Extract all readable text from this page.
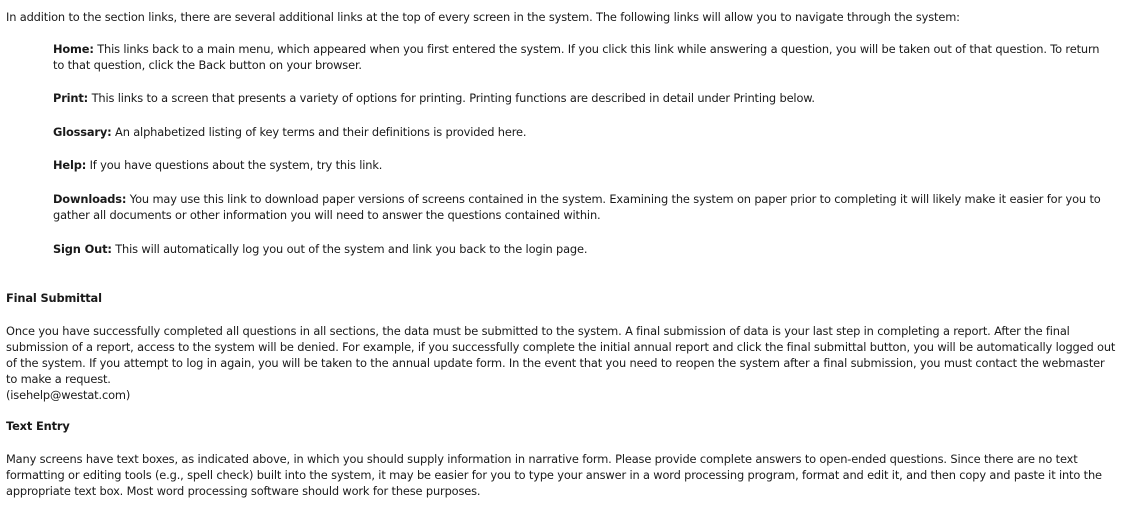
In addition to the section links, there are several additional links at the top of every screen in the system. The following links will allow you to navigate through the system:

Home: This links back to a main menu, which appeared when you first entered the system. If you click this link while answering a question, you will be taken out of that question. To return to that question, click the Back button on your browser.
Print: This links to a screen that presents a variety of options for printing. Printing functions are described in detail under Printing below.
Glossary: An alphabetized listing of key terms and their definitions is provided here.
Help: If you have questions about the system, try this link.
Downloads: You may use this link to download paper versions of screens contained in the system. Examining the system on paper prior to completing it will likely make it easier for you to gather all documents or other information you will need to answer the questions contained within.
Sign Out: This will automatically log you out of the system and link you back to the login page.
Final Submittal
Once you have successfully completed all questions in all sections, the data must be submitted to the system. A final submission of data is your last step in completing a report. After the final submission of a report, access to the system will be denied. For example, if you successfully complete the initial annual report and click the final submittal button, you will be automatically logged out of the system. If you attempt to log in again, you will be taken to the annual update form. In the event that you need to reopen the system after a final submission, you must contact the webmaster to make a request.
(isehelp@westat.com)
Text Entry
Many screens have text boxes, as indicated above, in which you should supply information in narrative form. Please provide complete answers to open-ended questions. Since there are no text formatting or editing tools (e.g., spell check) built into the system, it may be easier for you to type your answer in a word processing program, format and edit it, and then copy and paste it into the appropriate text box. Most word processing software should work for these purposes.
